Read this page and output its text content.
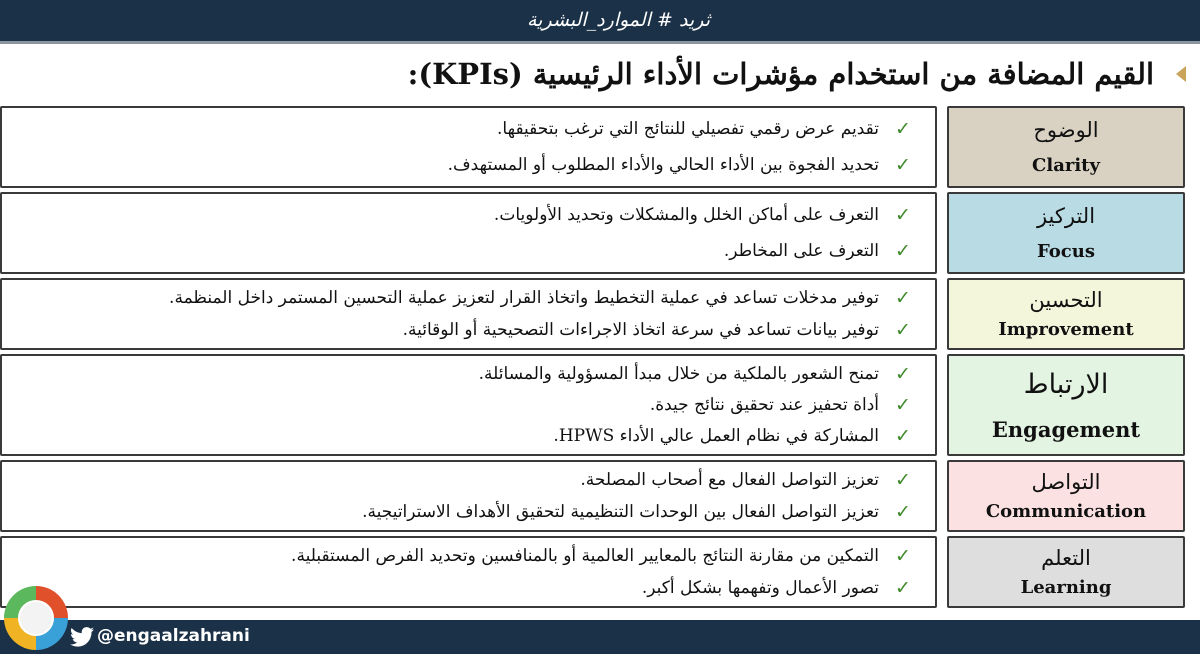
ثريد # الموارد_البشرية
القيم المضافة من استخدام مؤشرات الأداء الرئيسية (KPIs):
الوضوح
Clarity
✓
تقديم عرض رقمي تفصيلي للنتائج التي ترغب بتحقيقها.
✓
تحديد الفجوة بين الأداء الحالي والأداء المطلوب أو المستهدف.
التركيز
Focus
✓
التعرف على أماكن الخلل والمشكلات وتحديد الأولويات.
✓
التعرف على المخاطر.
التحسين
Improvement
✓
توفير مدخلات تساعد في عملية التخطيط واتخاذ القرار لتعزيز عملية التحسين المستمر داخل المنظمة.
✓
توفير بيانات تساعد في سرعة اتخاذ الاجراءات التصحيحية أو الوقائية.
الارتباط
Engagement
✓
تمنح الشعور بالملكية من خلال مبدأ المسؤولية والمسائلة.
✓
أداة تحفيز عند تحقيق نتائج جيدة.
✓
المشاركة في نظام العمل عالي الأداء HPWS.
التواصل
Communication
✓
تعزيز التواصل الفعال مع أصحاب المصلحة.
✓
تعزيز التواصل الفعال بين الوحدات التنظيمية لتحقيق الأهداف الاستراتيجية.
التعلم
Learning
✓
التمكين من مقارنة النتائج بالمعايير العالمية أو بالمنافسين وتحديد الفرص المستقبلية.
✓
تصور الأعمال وتفهمها بشكل أكبر.
@engaalzahrani
